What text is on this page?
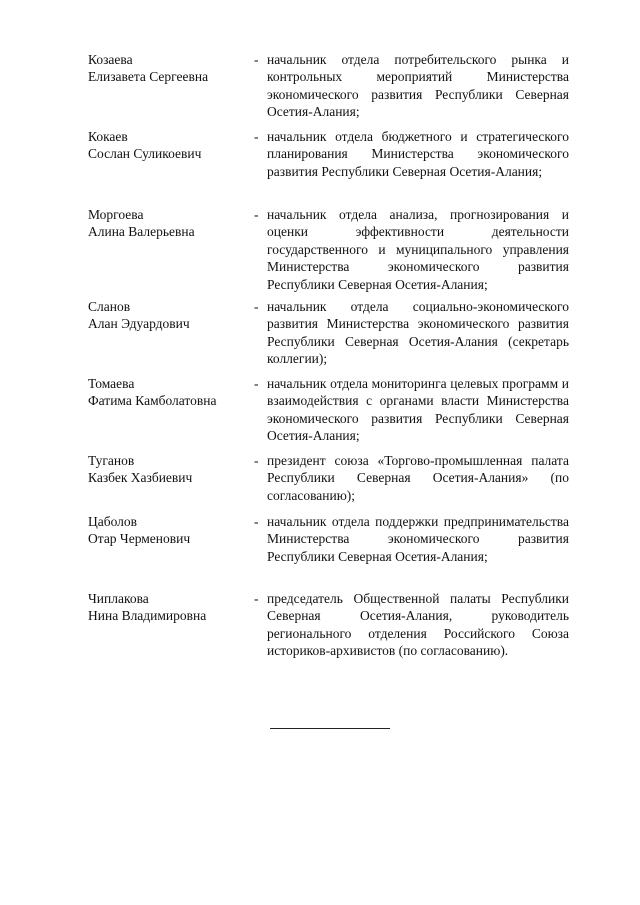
Козаева
Елизавета Сергеевна
- начальник отдела потребительского рынка и контрольных мероприятий Министерства экономического развития Республики Северная Осетия-Алания;
Кокаев
Сослан Суликоевич
- начальник отдела бюджетного и стратегического планирования Министерства экономического развития Республики Северная Осетия-Алания;
Моргоева
Алина Валерьевна
- начальник отдела анализа, прогнозирования и оценки эффективности деятельности государственного и муниципального управления Министерства экономического развития Республики Северная Осетия-Алания;
Сланов
Алан Эдуардович
- начальник отдела социально-экономического развития Министерства экономического развития Республики Северная Осетия-Алания (секретарь коллегии);
Томаева
Фатима Камболатовна
- начальник отдела мониторинга целевых программ и взаимодействия с органами власти Министерства экономического развития Республики Северная Осетия-Алания;
Туганов
Казбек Хазбиевич
- президент союза «Торгово-промышленная палата Республики Северная Осетия-Алания» (по согласованию);
Цаболов
Отар Черменович
- начальник отдела поддержки предпринимательства Министерства экономического развития Республики Северная Осетия-Алания;
Чиплакова
Нина Владимировна
- председатель Общественной палаты Республики Северная Осетия-Алания, руководитель регионального отделения Российского Союза историков-архивистов (по согласованию).
